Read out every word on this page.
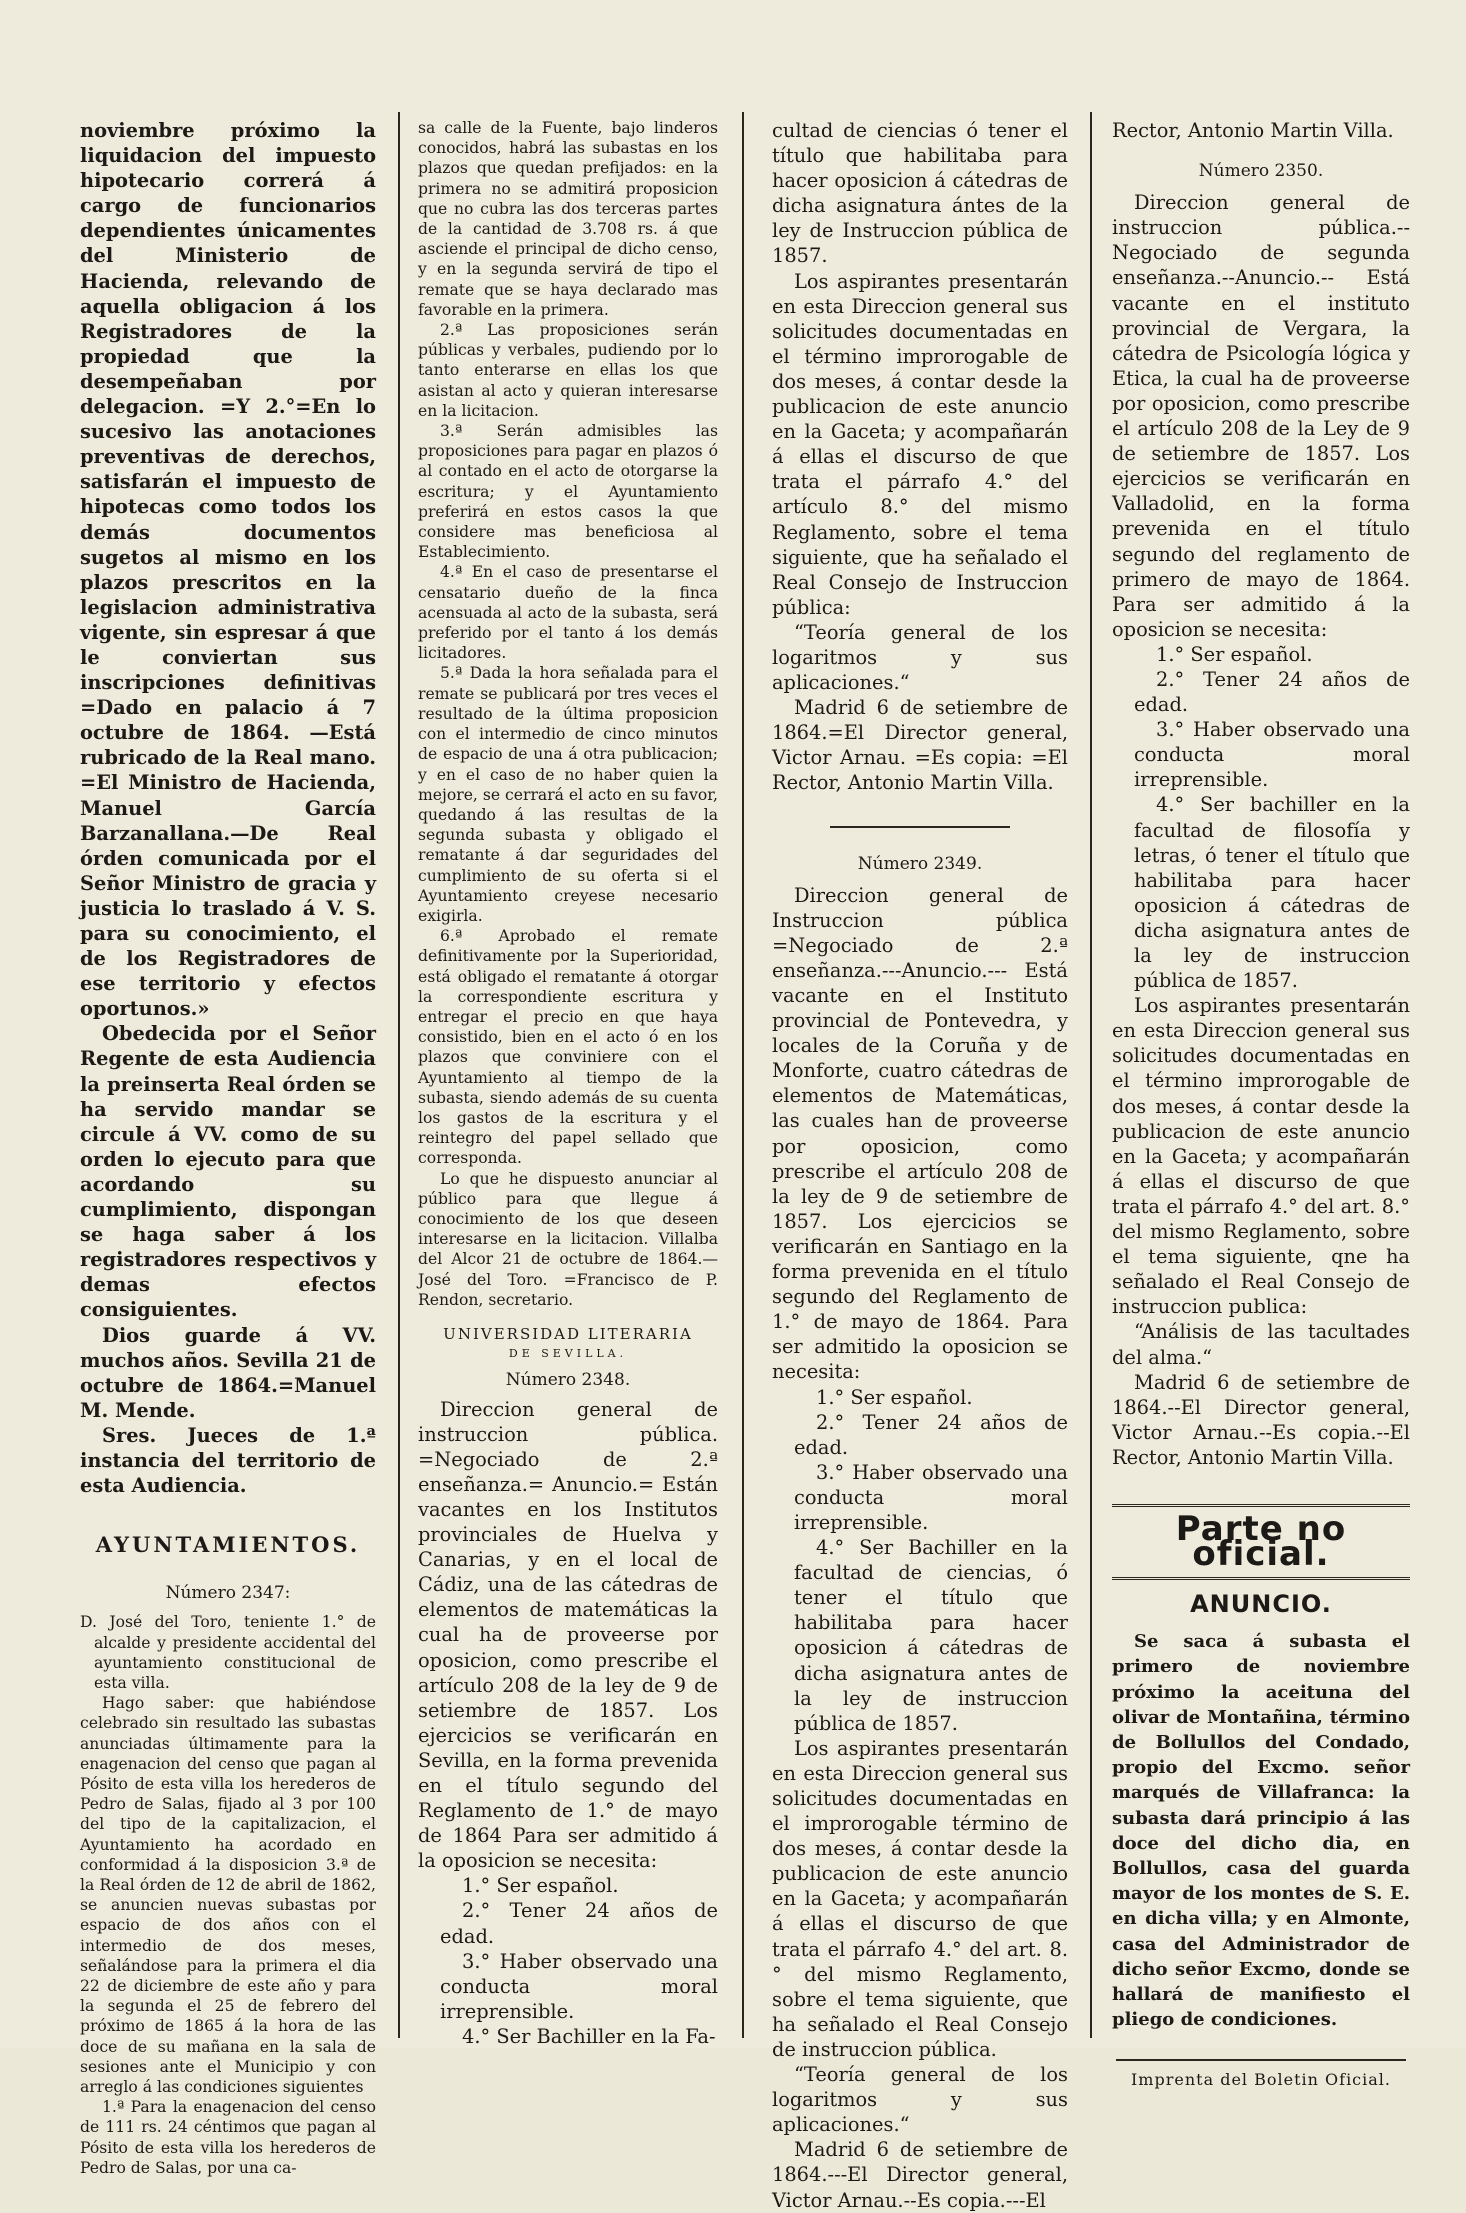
noviembre próximo la liquidacion del impuesto hipotecario correrá á cargo de funcionarios dependientes únicamentes del Ministerio de Hacienda, relevando de aquella obligacion á los Registradores de la propiedad que la desempeñaban por delegacion. =Y 2.°=En lo sucesivo las anotaciones preventivas de derechos, satisfarán el impuesto de hipotecas como todos los demás documentos sugetos al mismo en los plazos prescritos en la legislacion administrativa vigente, sin espresar á que le conviertan sus inscripciones definitivas =Dado en palacio á 7 octubre de 1864. —Está rubricado de la Real mano. =El Ministro de Hacienda, Manuel García Barzanallana.—De Real órden comunicada por el Señor Ministro de gracia y justicia lo traslado á V. S. para su conocimiento, el de los Registradores de ese territorio y efectos oportunos.»

Obedecida por el Señor Regente de esta Audiencia la preinserta Real órden se ha servido mandar se circule á VV. como de su orden lo ejecuto para que acordando su cumplimiento, dispongan se haga saber á los registradores respectivos y demas efectos consiguientes.

Dios guarde á VV. muchos años. Sevilla 21 de octubre de 1864.=Manuel M. Mende.

Sres. Jueces de 1.ª instancia del territorio de esta Audiencia.

AYUNTAMIENTOS.
Número 2347:

D. José del Toro, teniente 1.° de alcalde y presidente accidental del ayuntamiento constitucional de esta villa.

Hago saber: que habiéndose celebrado sin resultado las subastas anunciadas últimamente para la enagenacion del censo que pagan al Pósito de esta villa los herederos de Pedro de Salas, fijado al 3 por 100 del tipo de la capitalizacion, el Ayuntamiento ha acordado en conformidad á la disposicion 3.ª de la Real órden de 12 de abril de 1862, se anuncien nuevas subastas por espacio de dos años con el intermedio de dos meses, señalándose para la primera el dia 22 de diciembre de este año y para la segunda el 25 de febrero del próximo de 1865 á la hora de las doce de su mañana en la sala de sesiones ante el Municipio y con arreglo á las condiciones siguientes

1.ª Para la enagenacion del censo de 111 rs. 24 céntimos que pagan al Pósito de esta villa los herederos de Pedro de Salas, por una ca-

sa calle de la Fuente, bajo linderos conocidos, habrá las subastas en los plazos que quedan prefijados: en la primera no se admitirá proposicion que no cubra las dos terceras partes de la cantidad de 3.708 rs. á que asciende el principal de dicho censo, y en la segunda servirá de tipo el remate que se haya declarado mas favorable en la primera.

2.ª Las proposiciones serán públicas y verbales, pudiendo por lo tanto enterarse en ellas los que asistan al acto y quieran interesarse en la licitacion.

3.ª Serán admisibles las proposiciones para pagar en plazos ó al contado en el acto de otorgarse la escritura; y el Ayuntamiento preferirá en estos casos la que considere mas beneficiosa al Establecimiento.

4.ª En el caso de presentarse el censatario dueño de la finca acensuada al acto de la subasta, será preferido por el tanto á los demás licitadores.

5.ª Dada la hora señalada para el remate se publicará por tres veces el resultado de la última proposicion con el intermedio de cinco minutos de espacio de una á otra publicacion; y en el caso de no haber quien la mejore, se cerrará el acto en su favor, quedando á las resultas de la segunda subasta y obligado el rematante á dar seguridades del cumplimiento de su oferta si el Ayuntamiento creyese necesario exigirla.

6.ª Aprobado el remate definitivamente por la Superioridad, está obligado el rematante á otorgar la correspondiente escritura y entregar el precio en que haya consistido, bien en el acto ó en los plazos que conviniere con el Ayuntamiento al tiempo de la subasta, siendo además de su cuenta los gastos de la escritura y el reintegro del papel sellado que corresponda.

Lo que he dispuesto anunciar al público para que llegue á conocimiento de los que deseen interesarse en la licitacion. Villalba del Alcor 21 de octubre de 1864.—José del Toro. =Francisco de P. Rendon, secretario.

UNIVERSIDAD LITERARIA
DE SEVILLA.
Número 2348.

Direccion general de instruccion pública. =Negociado de 2.ª enseñanza.= Anuncio.= Están vacantes en los Institutos provinciales de Huelva y Canarias, y en el local de Cádiz, una de las cátedras de elementos de matemáticas la cual ha de proveerse por oposicion, como prescribe el artículo 208 de la ley de 9 de setiembre de 1857. Los ejercicios se verificarán en Sevilla, en la forma prevenida en el título segundo del Reglamento de 1.° de mayo de 1864 Para ser admitido á la oposicion se necesita:

1.° Ser español.

2.° Tener 24 años de edad.

3.° Haber observado una conducta moral irreprensible.

4.° Ser Bachiller en la Fa-

cultad de ciencias ó tener el título que habilitaba para hacer oposicion á cátedras de dicha asignatura ántes de la ley de Instruccion pública de 1857.

Los aspirantes presentarán en esta Direccion general sus solicitudes documentadas en el término improrogable de dos meses, á contar desde la publicacion de este anuncio en la Gaceta; y acompañarán á ellas el discurso de que trata el párrafo 4.° del artículo 8.° del mismo Reglamento, sobre el tema siguiente, que ha señalado el Real Consejo de Instruccion pública:

“Teoría general de los logaritmos y sus aplicaciones.“

Madrid 6 de setiembre de 1864.=El Director general, Victor Arnau. =Es copia: =El Rector, Antonio Martin Villa.

Número 2349.

Direccion general de Instruccion pública =Negociado de 2.ª enseñanza.---Anuncio.--- Está vacante en el Instituto provincial de Pontevedra, y locales de la Coruña y de Monforte, cuatro cátedras de elementos de Matemáticas, las cuales han de proveerse por oposicion, como prescribe el artículo 208 de la ley de 9 de setiembre de 1857. Los ejercicios se verificarán en Santiago en la forma prevenida en el título segundo del Reglamento de 1.° de mayo de 1864. Para ser admitido la oposicion se necesita:

1.° Ser español.

2.° Tener 24 años de edad.

3.° Haber observado una conducta moral irreprensible.

4.° Ser Bachiller en la facultad de ciencias, ó tener el título que habilitaba para hacer oposicion á cátedras de dicha asignatura antes de la ley de instruccion pública de 1857.

Los aspirantes presentarán en esta Direccion general sus solicitudes documentadas en el improrogable término de dos meses, á contar desde la publicacion de este anuncio en la Gaceta; y acompañarán á ellas el discurso de que trata el párrafo 4.° del art. 8.° del mismo Reglamento, sobre el tema siguiente, que ha señalado el Real Consejo de instruccion pública.

“Teoría general de los logaritmos y sus aplicaciones.“

Madrid 6 de setiembre de 1864.---El Director general, Victor Arnau.--Es copia.---El

Rector, Antonio Martin Villa.

Número 2350.

Direccion general de instruccion pública.--Negociado de segunda enseñanza.--Anuncio.-- Está vacante en el instituto provincial de Vergara, la cátedra de Psicología lógica y Etica, la cual ha de proveerse por oposicion, como prescribe el artículo 208 de la Ley de 9 de setiembre de 1857. Los ejercicios se verificarán en Valladolid, en la forma prevenida en el título segundo del reglamento de primero de mayo de 1864. Para ser admitido á la oposicion se necesita:

1.° Ser español.

2.° Tener 24 años de edad.

3.° Haber observado una conducta moral irreprensible.

4.° Ser bachiller en la facultad de filosofía y letras, ó tener el título que habilitaba para hacer oposicion á cátedras de dicha asignatura antes de la ley de instruccion pública de 1857.

Los aspirantes presentarán en esta Direccion general sus solicitudes documentadas en el término improrogable de dos meses, á contar desde la publicacion de este anuncio en la Gaceta; y acompañarán á ellas el discurso de que trata el párrafo 4.° del art. 8.° del mismo Reglamento, sobre el tema siguiente, qne ha señalado el Real Consejo de instruccion publica:

“Análisis de las tacultades del alma.“

Madrid 6 de setiembre de 1864.--El Director general, Victor Arnau.--Es copia.--El Rector, Antonio Martin Villa.

Parte no oficial.
ANUNCIO.

Se saca á subasta el primero de noviembre próximo la aceituna del olivar de Montañina, término de Bollullos del Condado, propio del Excmo. señor marqués de Villafranca: la subasta dará principio á las doce del dicho dia, en Bollullos, casa del guarda mayor de los montes de S. E. en dicha villa; y en Almonte, casa del Administrador de dicho señor Excmo, donde se hallará de manifiesto el pliego de condiciones.

Imprenta del Boletin Oficial.
